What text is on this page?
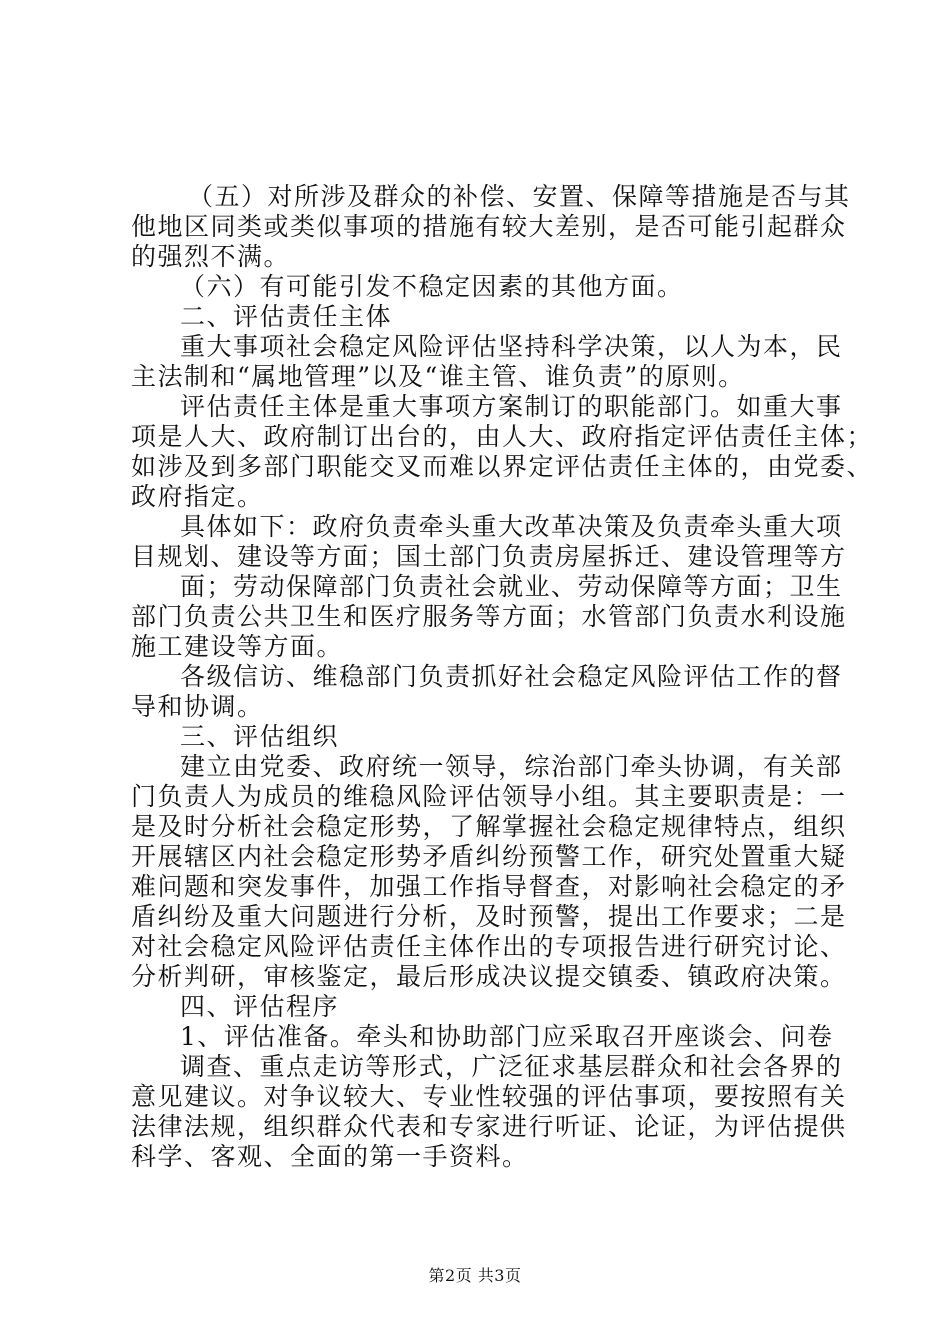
（五）对所涉及群众的补偿、安置、保障等措施是否与其
他地区同类或类似事项的措施有较大差别，是否可能引起群众
的强烈不满。
（六）有可能引发不稳定因素的其他方面。
二、评估责任主体
重大事项社会稳定风险评估坚持科学决策，以人为本，民
主法制和“属地管理”以及“谁主管、谁负责”的原则。
评估责任主体是重大事项方案制订的职能部门。如重大事
项是人大、政府制订出台的，由人大、政府指定评估责任主体；
如涉及到多部门职能交叉而难以界定评估责任主体的，由党委、
政府指定。
具体如下：政府负责牵头重大改革决策及负责牵头重大项
目规划、建设等方面；国土部门负责房屋拆迁、建设管理等方
面；劳动保障部门负责社会就业、劳动保障等方面；卫生
部门负责公共卫生和医疗服务等方面；水管部门负责水利设施
施工建设等方面。
各级信访、维稳部门负责抓好社会稳定风险评估工作的督
导和协调。
三、评估组织
建立由党委、政府统一领导，综治部门牵头协调，有关部
门负责人为成员的维稳风险评估领导小组。其主要职责是：一
是及时分析社会稳定形势，了解掌握社会稳定规律特点，组织
开展辖区内社会稳定形势矛盾纠纷预警工作，研究处置重大疑
难问题和突发事件，加强工作指导督查，对影响社会稳定的矛
盾纠纷及重大问题进行分析，及时预警，提出工作要求；二是
对社会稳定风险评估责任主体作出的专项报告进行研究讨论、
分析判研，审核鉴定，最后形成决议提交镇委、镇政府决策。
四、评估程序
1、评估准备。牵头和协助部门应采取召开座谈会、问卷
调查、重点走访等形式，广泛征求基层群众和社会各界的
意见建议。对争议较大、专业性较强的评估事项，要按照有关
法律法规，组织群众代表和专家进行听证、论证，为评估提供
科学、客观、全面的第一手资料。
第2页 共3页
